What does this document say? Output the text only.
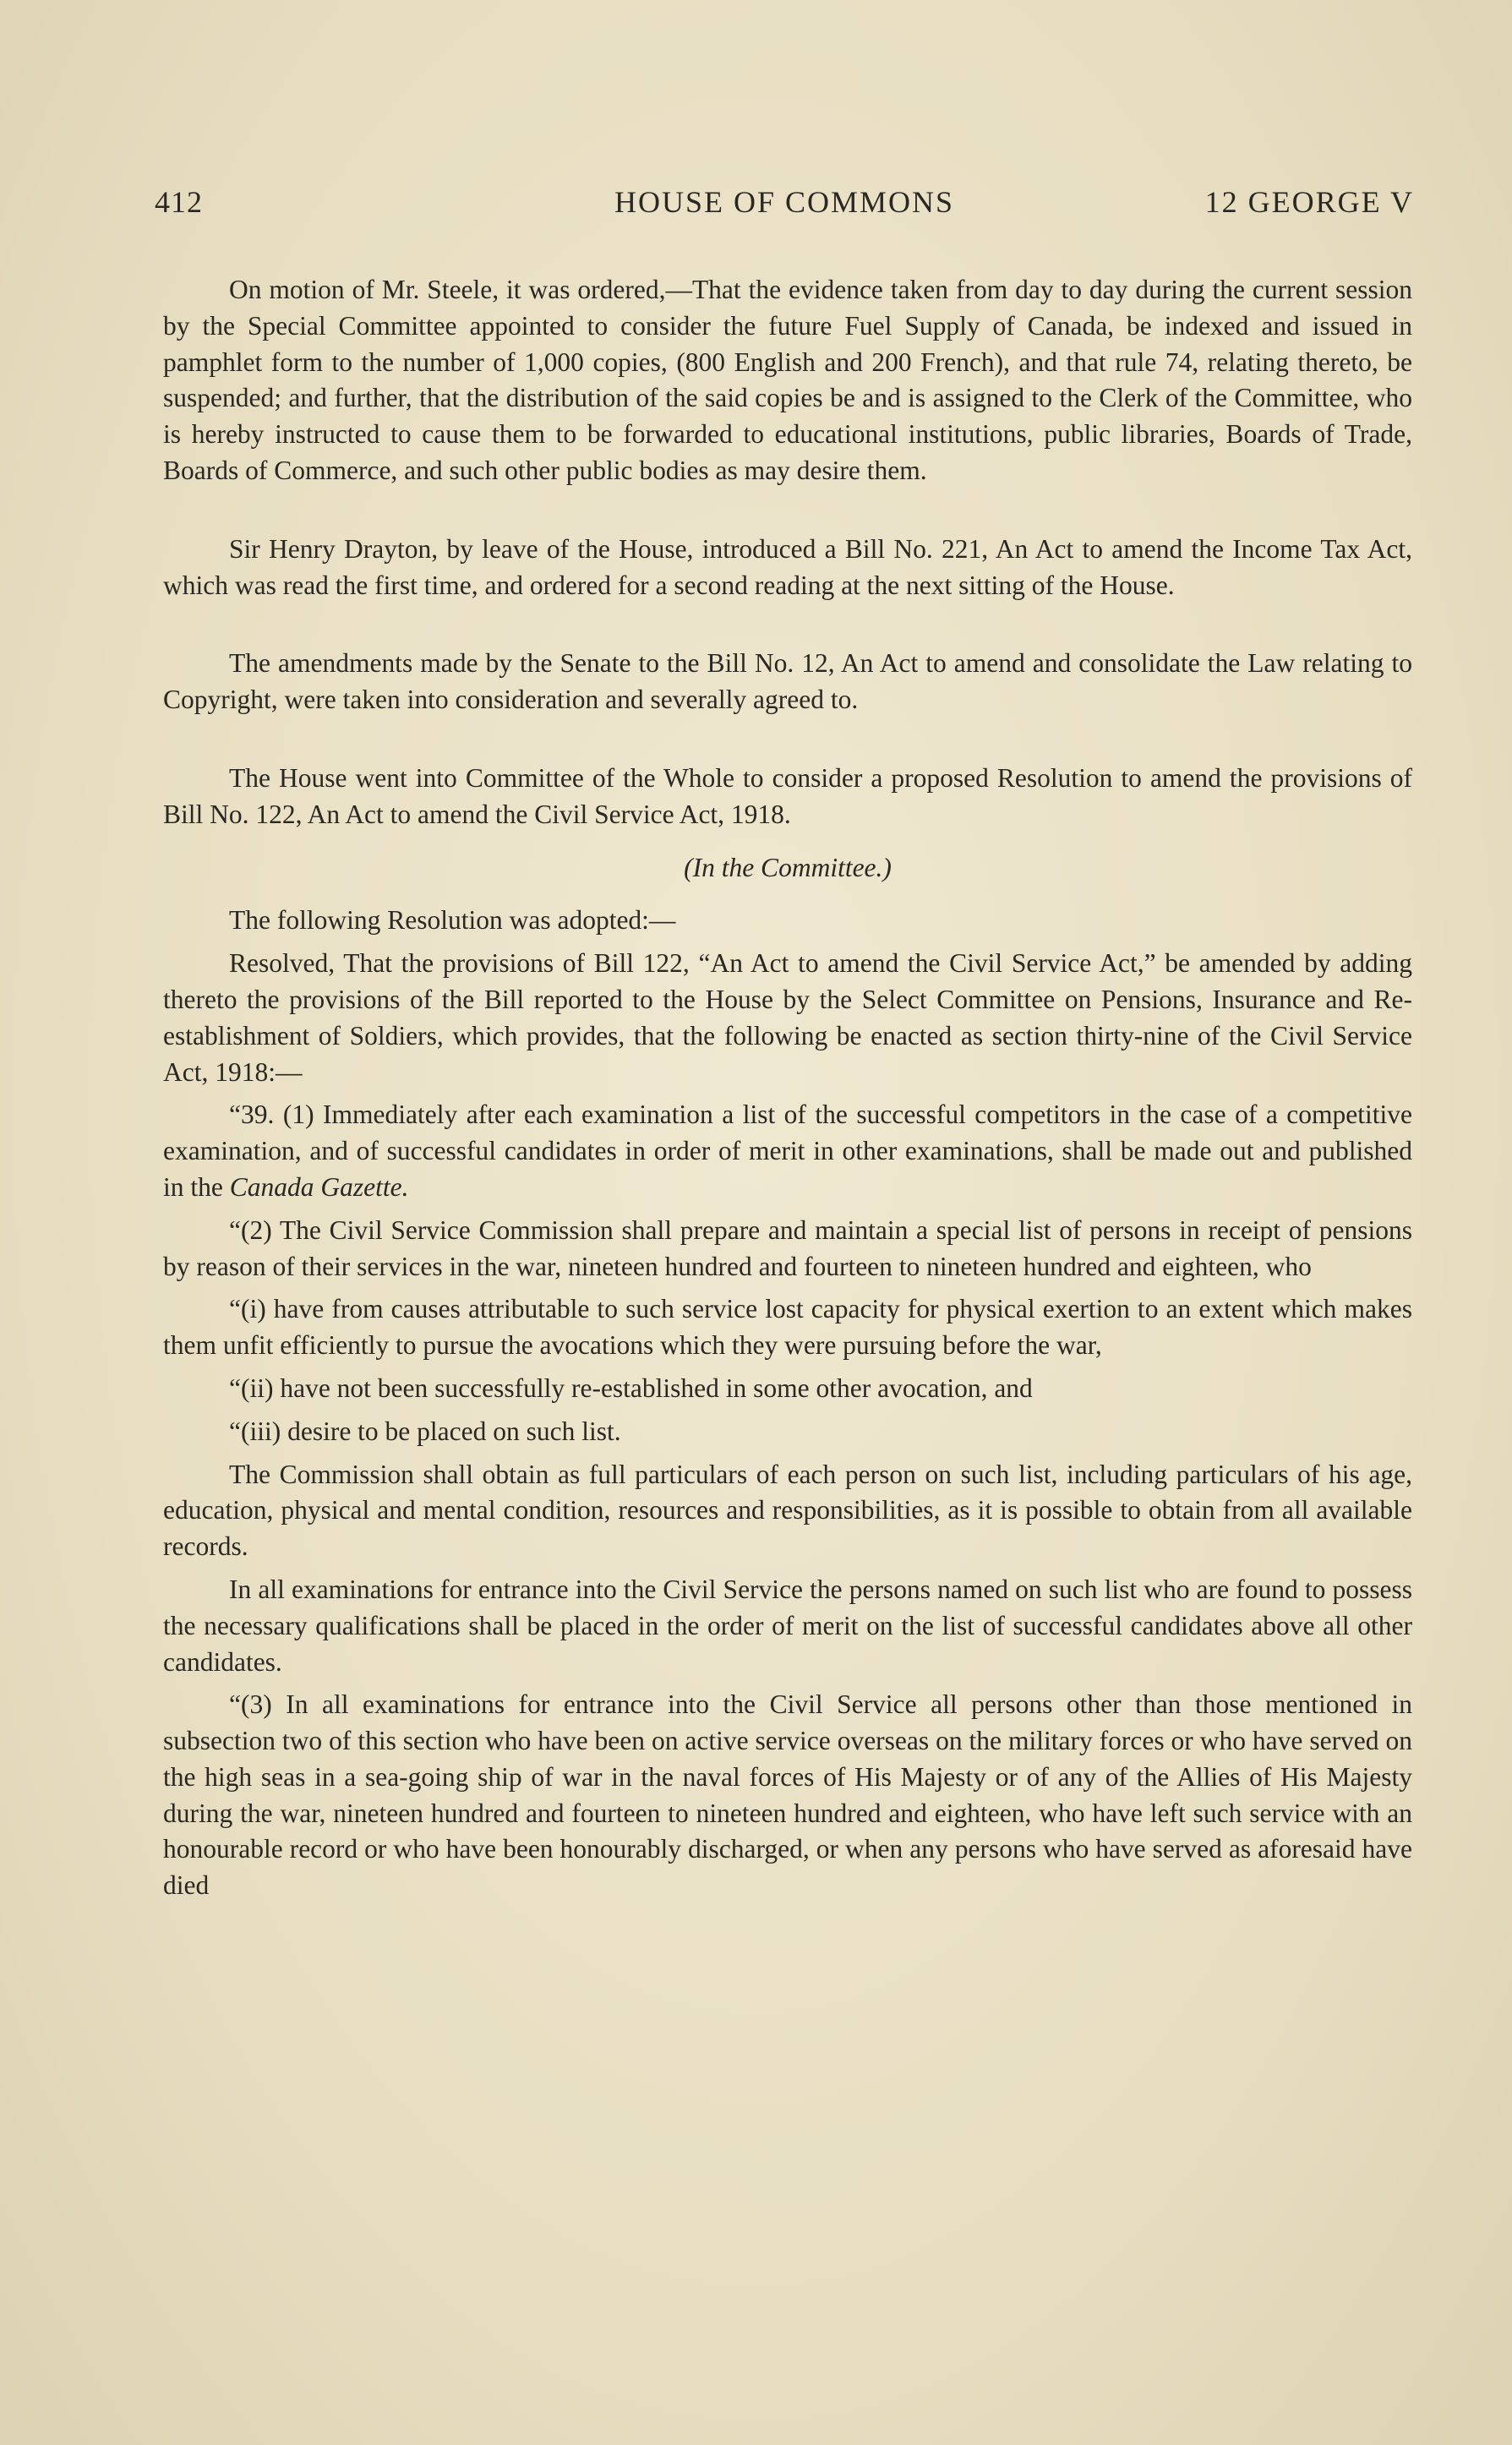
412	HOUSE OF COMMONS	12 GEORGE V

On motion of Mr. Steele, it was ordered,—That the evidence taken from day to day during the current session by the Special Committee appointed to consider the future Fuel Supply of Canada, be indexed and issued in pamphlet form to the number of 1,000 copies, (800 English and 200 French), and that rule 74, relating thereto, be suspended; and further, that the distribution of the said copies be and is assigned to the Clerk of the Committee, who is hereby instructed to cause them to be forwarded to educational institutions, public libraries, Boards of Trade, Boards of Commerce, and such other public bodies as may desire them.

Sir Henry Drayton, by leave of the House, introduced a Bill No. 221, An Act to amend the Income Tax Act, which was read the first time, and ordered for a second reading at the next sitting of the House.

The amendments made by the Senate to the Bill No. 12, An Act to amend and consolidate the Law relating to Copyright, were taken into consideration and severally agreed to.

The House went into Committee of the Whole to consider a proposed Resolution to amend the provisions of Bill No. 122, An Act to amend the Civil Service Act, 1918.

(In the Committee.)

The following Resolution was adopted:—

Resolved, That the provisions of Bill 122, “An Act to amend the Civil Service Act,” be amended by adding thereto the provisions of the Bill reported to the House by the Select Committee on Pensions, Insurance and Re-establishment of Soldiers, which provides, that the following be enacted as section thirty-nine of the Civil Service Act, 1918:—

“39. (1) Immediately after each examination a list of the successful competitors in the case of a competitive examination, and of successful candidates in order of merit in other examinations, shall be made out and published in the Canada Gazette.

“(2) The Civil Service Commission shall prepare and maintain a special list of persons in receipt of pensions by reason of their services in the war, nineteen hundred and fourteen to nineteen hundred and eighteen, who

“(i) have from causes attributable to such service lost capacity for physical exertion to an extent which makes them unfit efficiently to pursue the avocations which they were pursuing before the war,

“(ii) have not been successfully re-established in some other avocation, and

“(iii) desire to be placed on such list.

The Commission shall obtain as full particulars of each person on such list, including particulars of his age, education, physical and mental condition, resources and responsibilities, as it is possible to obtain from all available records.

In all examinations for entrance into the Civil Service the persons named on such list who are found to possess the necessary qualifications shall be placed in the order of merit on the list of successful candidates above all other candidates.

“(3) In all examinations for entrance into the Civil Service all persons other than those mentioned in subsection two of this section who have been on active service overseas on the military forces or who have served on the high seas in a sea-going ship of war in the naval forces of His Majesty or of any of the Allies of His Majesty during the war, nineteen hundred and fourteen to nineteen hundred and eighteen, who have left such service with an honourable record or who have been honourably discharged, or when any persons who have served as aforesaid have died
